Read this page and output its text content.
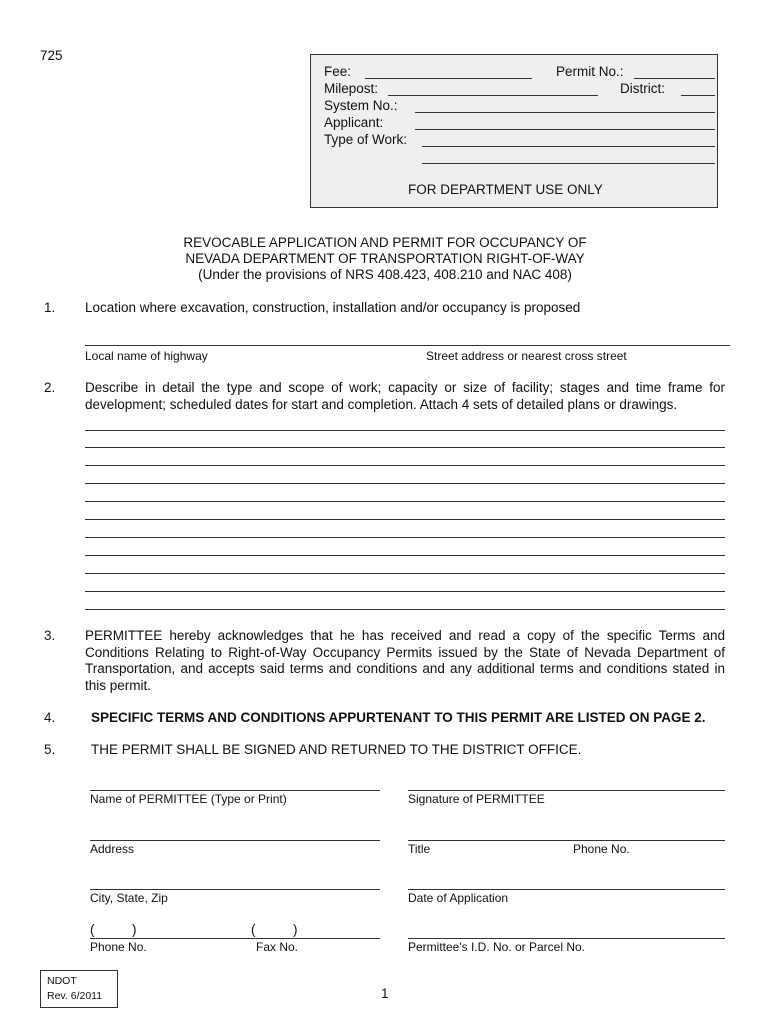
725
Fee:	Permit No.:
Milepost:	District:
System No.:
Applicant:
Type of Work:
FOR DEPARTMENT USE ONLY
REVOCABLE APPLICATION AND PERMIT FOR OCCUPANCY OF
NEVADA DEPARTMENT OF TRANSPORTATION RIGHT-OF-WAY
(Under the provisions of NRS 408.423, 408.210 and NAC 408)
1. Location where excavation, construction, installation and/or occupancy is proposed
Local name of highway	Street address or nearest cross street
2. Describe in detail the type and scope of work; capacity or size of facility; stages and time frame for development; scheduled dates for start and completion. Attach 4 sets of detailed plans or drawings.
3. PERMITTEE hereby acknowledges that he has received and read a copy of the specific Terms and Conditions Relating to Right-of-Way Occupancy Permits issued by the State of Nevada Department of Transportation, and accepts said terms and conditions and any additional terms and conditions stated in this permit.
4.	SPECIFIC TERMS AND CONDITIONS APPURTENANT TO THIS PERMIT ARE LISTED ON PAGE 2.
5.	THE PERMIT SHALL BE SIGNED AND RETURNED TO THE DISTRICT OFFICE.
Name of PERMITTEE (Type or Print)	Signature of PERMITTEE
Address	Title	Phone No.
City, State, Zip	Date of Application
(          )	(          )
Phone No.	Fax No.	Permittee's I.D. No. or Parcel No.
NDOT
Rev. 6/2011	1
